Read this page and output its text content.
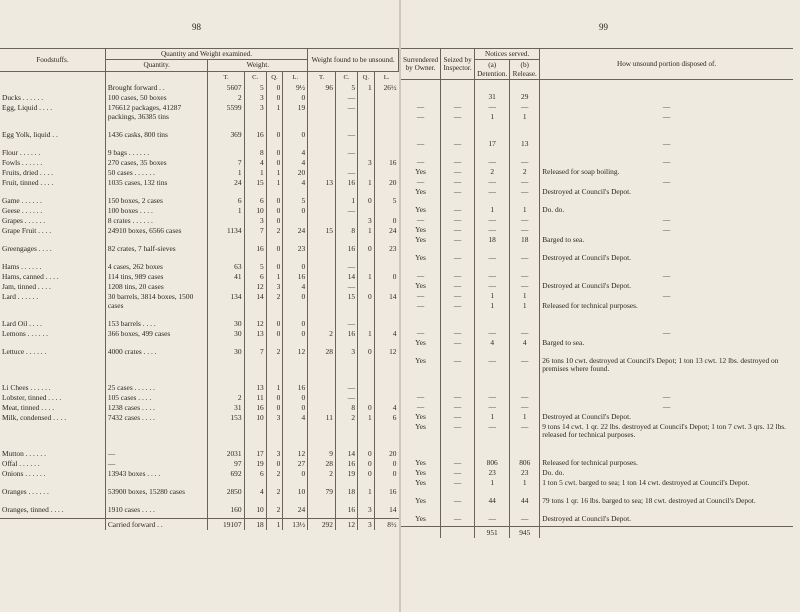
98
Foodstuffs.	Quantity and Weight examined.					Weight found to be unsound.			
	Quantity.	Weight.							
		T.	C.	Q.	L.	T.	C.	Q.	L.
	Brought forward . .	5607	5	0	9½	96	5	1	26½
Ducks . . . . . .	100 cases, 50 boxes	2	3	0	0		—		
Egg, Liquid . . . .	176612 packages, 41287 packings, 36385 tins	5599	3	1	19		—		
Egg Yolk, liquid . .	1436 casks, 800 tins	369	16	0	0		—		
Flour . . . . . .	9 bags . . . . . .		8	0	4		—		
Fowls . . . . . .	270 cases, 35 boxes	7	4	0	4			3	16
Fruits, dried . . . .	50 cases . . . . . .	1	1	1	20		—		
Fruit, tinned . . . .	1035 cases, 132 tins	24	15	1	4	13	16	1	20
Game . . . . . .	150 boxes, 2 cases	6	6	0	5		1	0	5
Geese . . . . . .	100 boxes . . . .	1	10	0	0		—		
Grapes . . . . . .	8 crates . . . . . .		3	0				3	0
Grape Fruit . . . .	24910 boxes, 6566 cases	1134	7	2	24	15	8	1	24
Greengages . . . .	82 crates, 7 half-sieves		16	0	23		16	0	23
Hams . . . . . .	4 cases, 262 boxes	63	5	0	0		—		
Hams, canned . . . .	114 tins, 989 cases	41	6	1	16		14	1	0
Jam, tinned . . . .	1208 tins, 20 cases		12	3	4		—		
Lard . . . . . .	30 barrels, 3814 boxes, 1500 cases	134	14	2	0		15	0	14
Lard Oil . . . .	153 barrels . . . .	30	12	0	0		—		
Lemons . . . . . .	366 boxes, 499 cases	30	13	0	0	2	16	1	4
Lettuce . . . . . .	4000 crates . . . .	30	7	2	12	28	3	0	12
Li Chees . . . . . .	25 cases . . . . . .		13	1	16		—		
Lobster, tinned . . . .	105 cases . . . .	2	11	0	0		—		
Meat, tinned . . . .	1238 cases . . . .	31	16	0	0		8	0	4
Milk, condensed . . . .	7432 cases . . . .	153	10	3	4	11	2	1	6
Mutton . . . . . .	—	2031	17	3	12	9	14	0	20
Offal . . . . . .	—	97	19	0	27	28	16	0	0
Onions . . . . . .	13943 boxes . . . .	692	6	2	0	2	19	0	0
Oranges . . . . . .	53900 boxes, 15280 cases	2850	4	2	10	79	18	1	16
Oranges, tinned . . . .	1910 cases . . . .	160	10	2	24		16	3	14
	Carried forward . .	19107	18	1	13½	292	12	3	8½
99
Surrendered by Owner.	Seized by Inspector.	Notices served.		How unsound portion disposed of.
		(a) Detention.	(b) Release.	

		31	29	
—	—	—	—	—
—	—	1	1	—
—	—	17	13	—
—	—	—	—	—
Yes	—	2	2	Released for soap boiling.
—	—	—	—	—
Yes	—	—	—	Destroyed at Council's Depot.
Yes	—	1	1	Do. do.
—	—	—	—	—
Yes	—	—	—	—
Yes	—	18	18	Barged to sea.
Yes	—	—	—	Destroyed at Council's Depot.
—	—	—	—	—
Yes	—	—	—	Destroyed at Council's Depot.
—	—	1	1	—
—	—	1	1	Released for technical purposes.
—	—	—	—	—
Yes	—	4	4	Barged to sea.
Yes	—	—	—	26 tons 10 cwt. destroyed at Council's Depot; 1 ton 13 cwt. 12 lbs. destroyed on premises where found.
—	—	—	—	—
—	—	—	—	—
Yes	—	1	1	Destroyed at Council's Depot.
Yes	—	—	—	9 tons 14 cwt. 1 qr. 22 lbs. destroyed at Council's Depot; 1 ton 7 cwt. 3 qrs. 12 lbs. released for technical purposes.
Yes	—	806	806	Released for technical purposes.
Yes	—	23	23	Do. do.
Yes	—	1	1	1 ton 5 cwt. barged to sea; 1 ton 14 cwt. destroyed at Council's Depot.
Yes	—	44	44	79 tons 1 qr. 16 lbs. barged to sea; 18 cwt. destroyed at Council's Depot.
Yes	—	—	—	Destroyed at Council's Depot.
		951	945	
